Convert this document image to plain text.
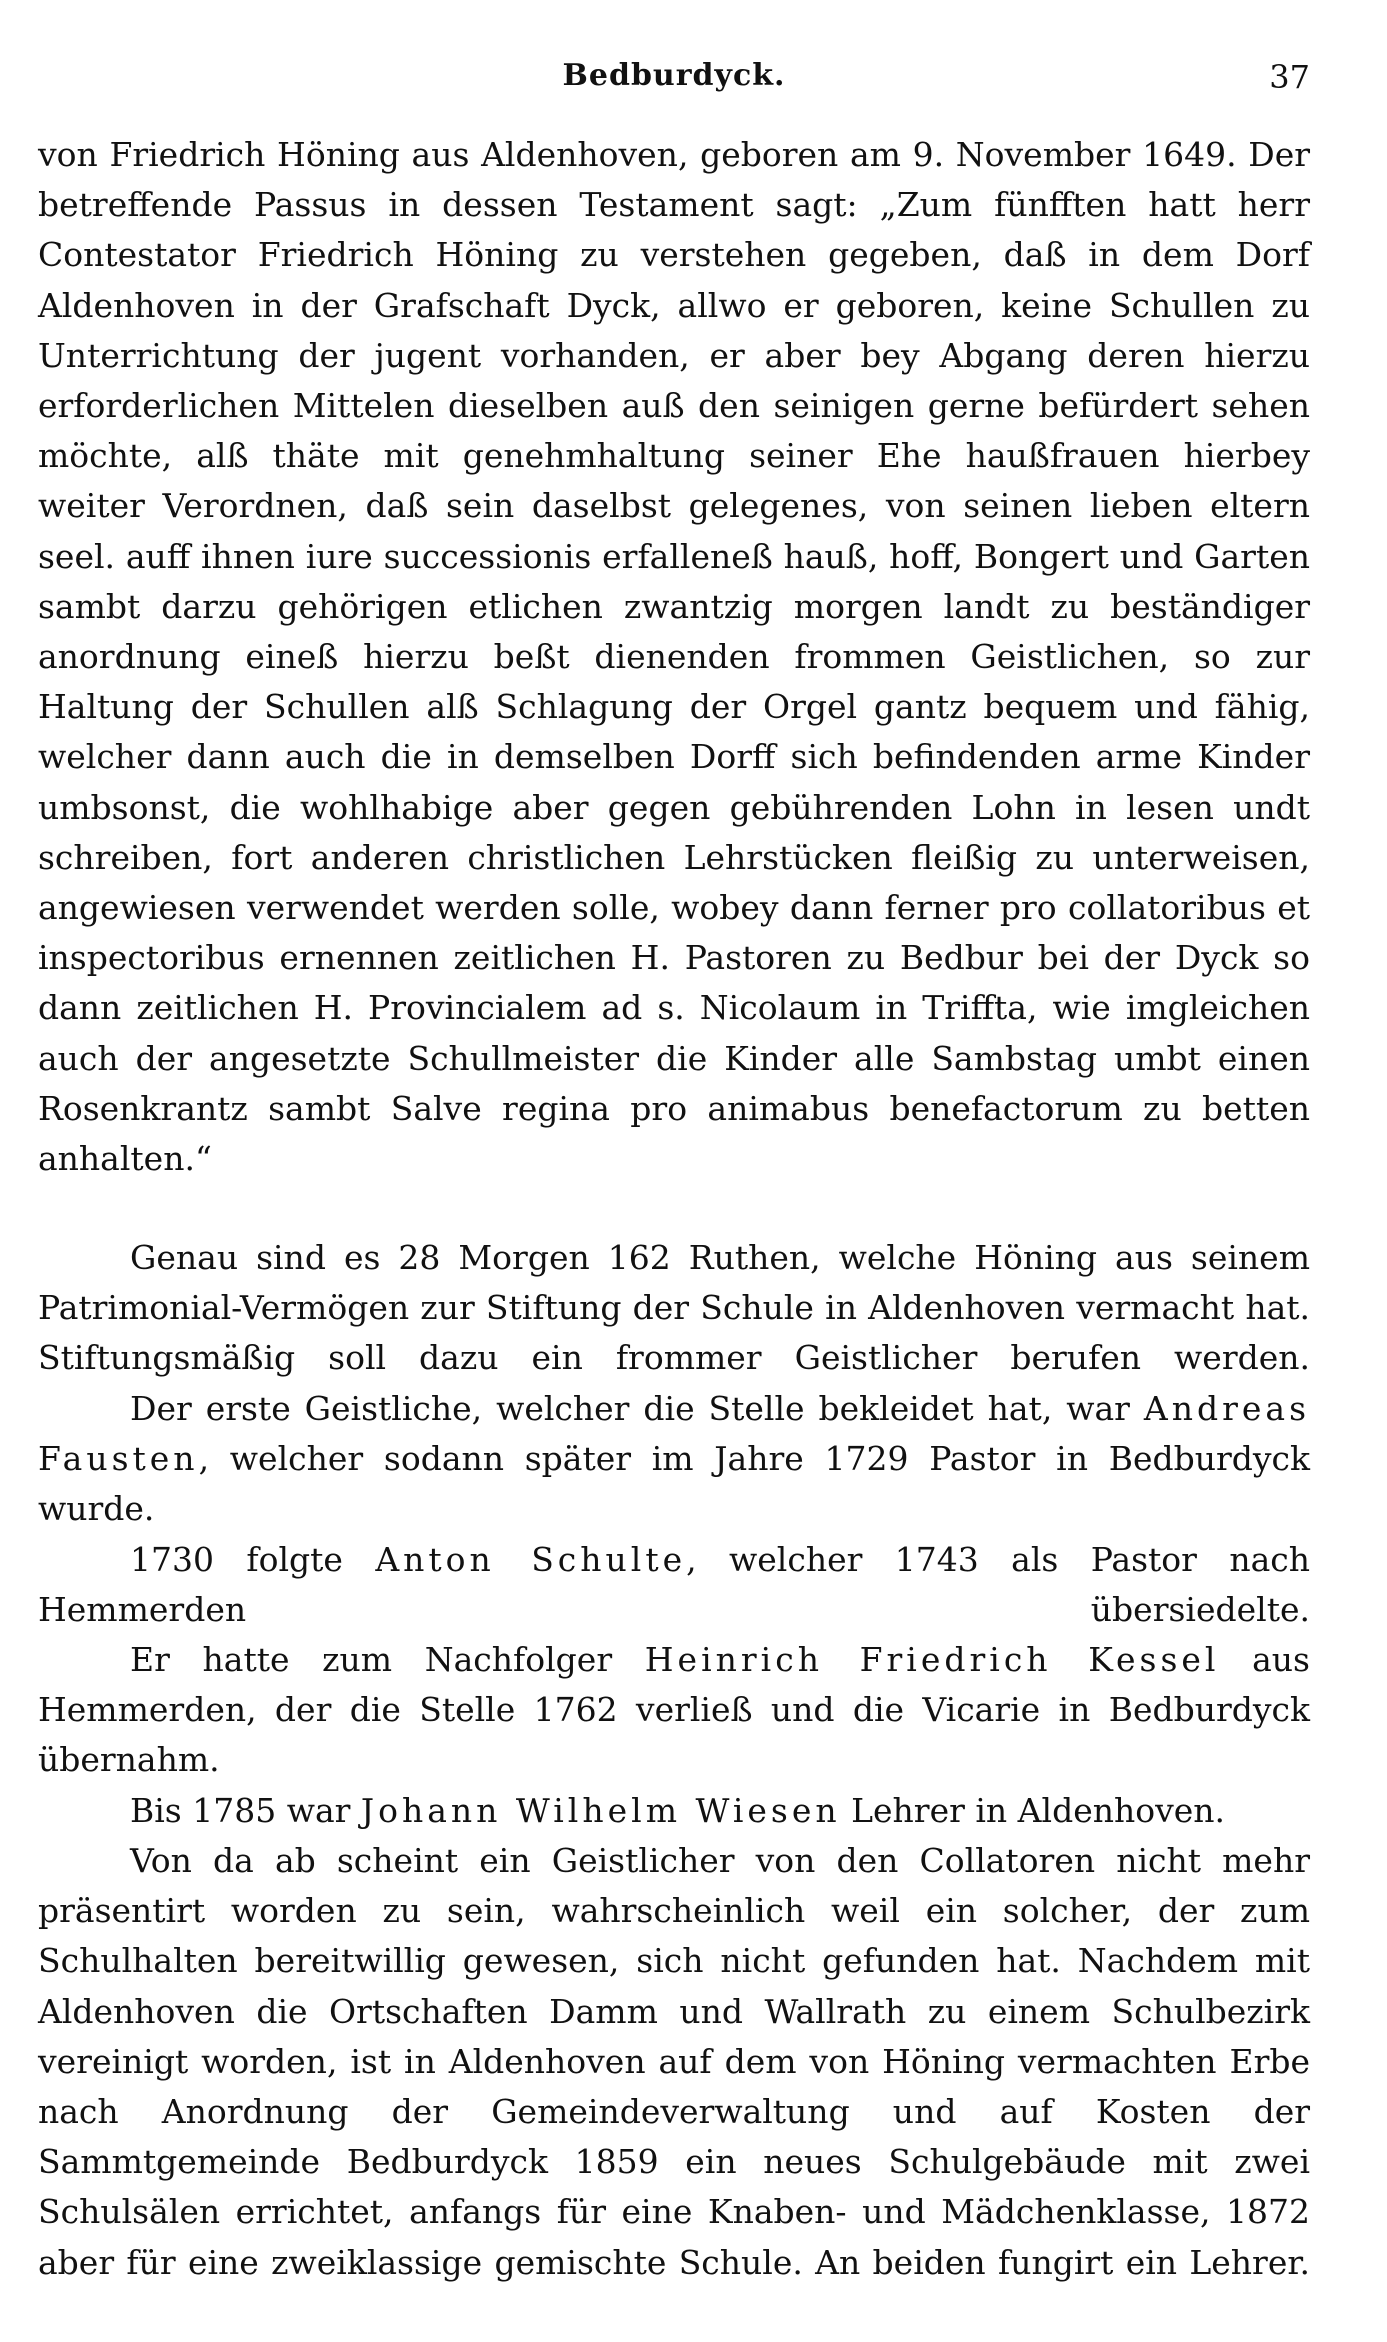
Bedburdyck.	37

von Friedrich Höning aus Aldenhoven, geboren am 9. November 1649. Der betreffende Passus in dessen Testament sagt: „Zum fünfften hatt herr Contestator Friedrich Höning zu verstehen gegeben, daß in dem Dorf Aldenhoven in der Grafschaft Dyck, allwo er geboren, keine Schullen zu Unterrichtung der jugent vorhanden, er aber bey Abgang deren hierzu erforderlichen Mittelen dieselben auß den seinigen gerne befürdert sehen möchte, alß thäte mit genehmhaltung seiner Ehe haußfrauen hierbey weiter Verordnen, daß sein daselbst gelegenes, von seinen lieben eltern seel. auff ihnen iure successionis erfalleneß hauß, hoff, Bongert und Garten sambt darzu gehörigen etlichen zwantzig morgen landt zu beständiger anordnung eineß hierzu beßt dienenden frommen Geistlichen, so zur Haltung der Schullen alß Schlagung der Orgel gantz bequem und fähig, welcher dann auch die in demselben Dorff sich befindenden arme Kinder umbsonst, die wohlhabige aber gegen gebührenden Lohn in lesen undt schreiben, fort anderen christlichen Lehrstücken fleißig zu unterweisen, angewiesen verwendet werden solle, wobey dann ferner pro collatoribus et inspectoribus ernennen zeitlichen H. Pastoren zu Bedbur bei der Dyck so dann zeitlichen H. Provincialem ad s. Nicolaum in Triffta, wie imgleichen auch der angesetzte Schullmeister die Kinder alle Sambstag umbt einen Rosenkrantz sambt Salve regina pro animabus benefactorum zu betten anhalten.“

Genau sind es 28 Morgen 162 Ruthen, welche Höning aus seinem Patrimonial-Vermögen zur Stiftung der Schule in Aldenhoven vermacht hat. Stiftungsmäßig soll dazu ein frommer Geistlicher berufen werden.

Der erste Geistliche, welcher die Stelle bekleidet hat, war Andreas Fausten, welcher sodann später im Jahre 1729 Pastor in Bedburdyck wurde.

1730 folgte Anton Schulte, welcher 1743 als Pastor nach Hemmerden übersiedelte.

Er hatte zum Nachfolger Heinrich Friedrich Kessel aus Hemmerden, der die Stelle 1762 verließ und die Vicarie in Bedburdyck übernahm.

Bis 1785 war Johann Wilhelm Wiesen Lehrer in Aldenhoven.

Von da ab scheint ein Geistlicher von den Collatoren nicht mehr präsentirt worden zu sein, wahrscheinlich weil ein solcher, der zum Schulhalten bereitwillig gewesen, sich nicht gefunden hat. Nachdem mit Aldenhoven die Ortschaften Damm und Wallrath zu einem Schulbezirk vereinigt worden, ist in Aldenhoven auf dem von Höning vermachten Erbe nach Anordnung der Gemeindeverwaltung und auf Kosten der Sammtgemeinde Bedburdyck 1859 ein neues Schulgebäude mit zwei Schulsälen errichtet, anfangs für eine Knaben- und Mädchenklasse, 1872 aber für eine zweiklassige gemischte Schule. An beiden fungirt ein Lehrer.
